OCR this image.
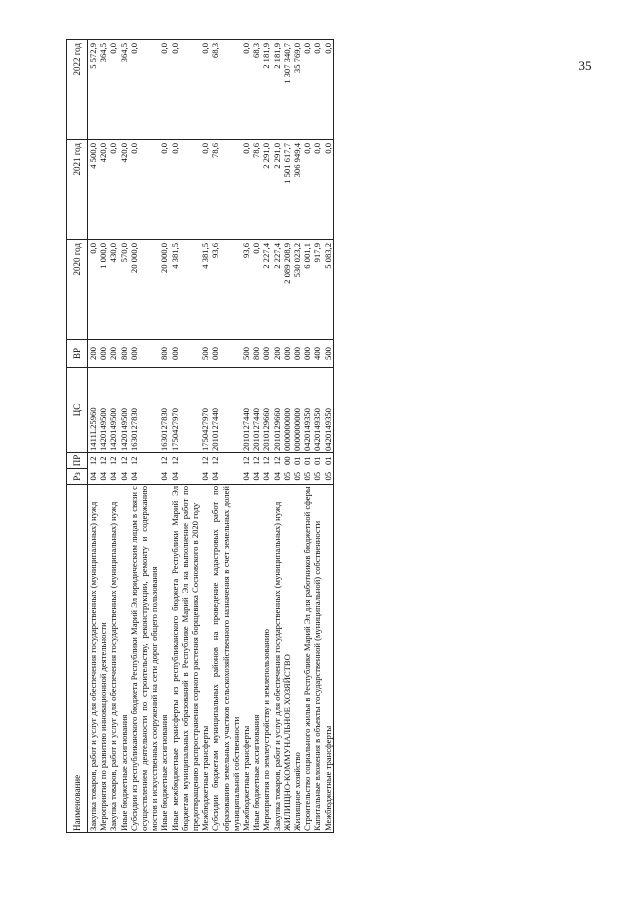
35
Наименование	Рз	ПР	ЦС	ВР	2020 год	2021 год	2022 год
Закупка товаров, работ и услуг для обеспечения государственных (муниципальных) нужд	04	12	1411L25960	200	0,0	4 500,0	5 572,9
Мероприятия по развитию инновационной деятельности	04	12	1420149500	000	1 000,0	420,0	364,5
Закупка товаров, работ и услуг для обеспечения государственных (муниципальных) нужд	04	12	1420149500	200	430,0	0,0	0,0
Иные бюджетные ассигнования	04	12	1420149500	800	570,0	420,0	364,5
Субсидии из республиканского бюджета Республики Марий Эл юридическим лицам в связи с осуществлением деятельности по строительству, реконструкции, ремонту и содержанию мостов и искусственных сооружений на сети дорог общего пользования	04	12	1630127830	000	20 000,0	0,0	0,0
Иные бюджетные ассигнования	04	12	1630127830	800	20 000,0	0,0	0,0
Иные межбюджетные трансферты из республиканского бюджета Республики Марий Эл бюджетам муниципальных образований в Республике Марий Эл на выполнение работ по предотвращению распространения сорного растения борщевика Сосновского в 2020 году	04	12	1750427970	000	4 381,5	0,0	0,0
Межбюджетные трансферты	04	12	1750427970	500	4 381,5	0,0	0,0
Субсидии бюджетам муниципальных районов на проведение кадастровых работ по образованию земельных участков сельскохозяйственного назначения в счет земельных долей муниципальной собственности	04	12	2010127440	000	93,6	78,6	68,3
Межбюджетные трансферты	04	12	2010127440	500	93,6	0,0	0,0
Иные бюджетные ассигнования	04	12	2010127440	800	0,0	78,6	68,3
Мероприятия по землеустройству и землепользованию	04	12	2010129660	000	2 227,4	2 291,0	2 181,9
Закупка товаров, работ и услуг для обеспечения государственных (муниципальных) нужд	04	12	2010129660	200	2 227,4	2 291,0	2 181,9
ЖИЛИЩНО-КОММУНАЛЬНОЕ ХОЗЯЙСТВО	05	00	0000000000	000	2 089 208,9	1 501 617,7	1 307 340,7
Жилищное хозяйство	05	01	0000000000	000	530 023,2	306 949,4	35 769,0
Строительство социального жилья в Республике Марий Эл для работников бюджетной сферы	05	01	0420149350	000	6 001,1	0,0	0,0
Капитальные вложения в объекты государственной (муниципальной) собственности	05	01	0420149350	400	917,9	0,0	0,0
Межбюджетные трансферты	05	01	0420149350	500	5 083,2	0,0	0,0
